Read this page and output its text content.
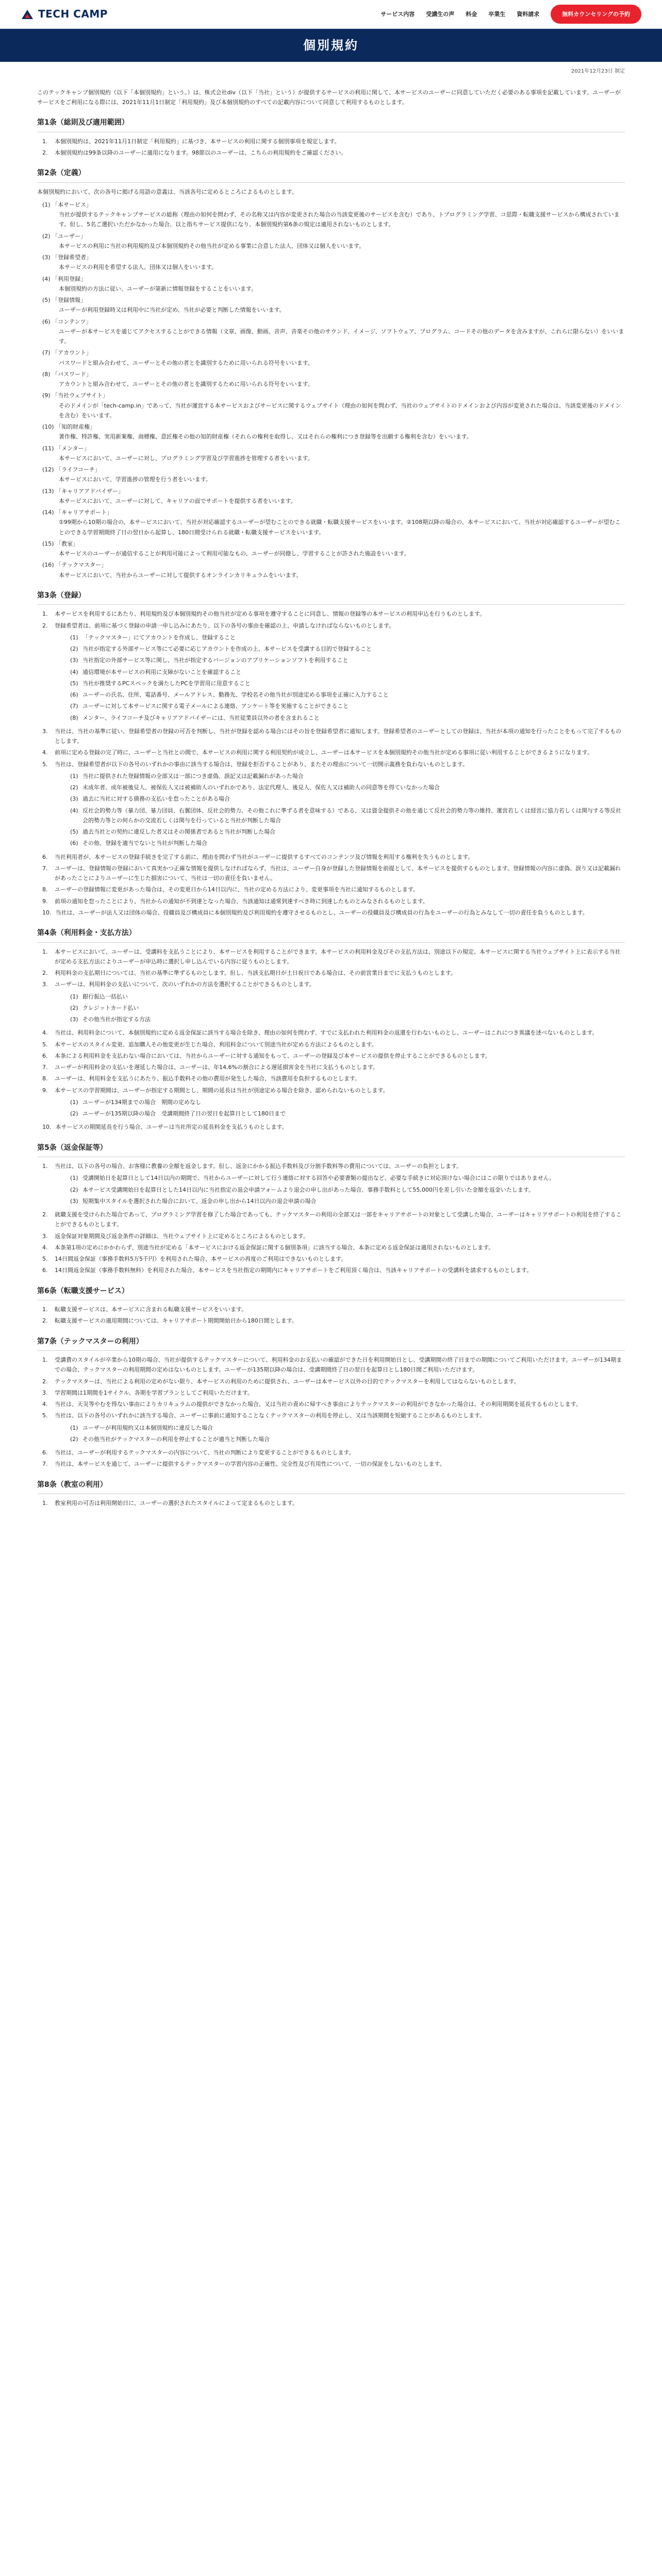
TECH CAMP	サービス内容 受講生の声 料金 卒業生 資料請求	無料カウンセリングの予約
個別規約
2021年12月23日 制定

このテックキャンプ個別規約（以下「本個別規約」という。）は、株式会社div（以下「当社」という）が提供するサービスの利用に関して、本サービスのユーザーに同意していただく必要のある事項を記載しています。ユーザーがサービスをご利用になる際には、2021年11月1日制定「利用規約」及び本個別規約のすべての記載内容について同意して利用するものとします。

第1条（総則及び適用範囲）
1.	本個別規約は、2021年11月1日制定「利用規約」に基づき、本サービスの利用に関する個別事項を規定します。
2.	本個別規約は99条以降のユーザーに適用になります。98節以のユーザーは、こちらの利用規約をご確認ください。
第2条（定義）

本個別規約において、次の各号に掲げる用語の意義は、当該各号に定めるところによるものとします。

(1) 「本サービス」
当社が提供するテックキャンプサービスの総称（理由の如何を問わず、その名称又は内容が変更された場合の当該変更後のサービスを含む）であり、トプログラミング学習、コ思際・転職支援サービスから構成されています。但し、5名ご選択いただかなかった場合、以と指ちサービス提供になり、本個別規約第6条の規定は適用されないものとします。
(2) 「ユーザー」
本サービスの利用に当社の利用規約及び本個別規約その他当社が定める事業に合意した法人、団体又は個人をいいます。
(3) 「登録希望者」
本サービスの利用を希望する法人、団体又は個人をいいます。
(4) 「利用登録」
本個別規約の方法に従い、ユーザーが第新に情報登録をすることをいいます。
(5) 「登録情報」
ユーザーが利用登録時又は利用中に当社が定め、当社が必要と判断した情報をいいます。
(6) 「コンテンツ」
ユーザーが本サービスを通じてアクセスすることができる情報（文章、画像、動画、音声、音楽その他のサウンド、イメージ、ソフトウェア、プログラム、コードその他のデータを含みますが、これらに限らない）をいいます。
(7) 「アカウント」
パスワードと組み合わせて、ユーザーとその他の者とを識別するために用いられる符号をいいます。
(8) 「パスワード」
アカウントと組み合わせて、ユーザーとその他の者とを識別するために用いられる符号をいいます。
(9) 「当社ウェブサイト」
そのドメインが「tech-camp.in」であって、当社が運営する本サービスおよびサービスに関するウェブサイト（理由の如何を問わず、当社のウェブサイトのドメインおよび内容が変更された場合は、当該変更後のドメインを含む）をいいます。
(10) 「知的財産権」
著作権、特許権、実用新案権、商標権、意匠権その他の知的財産権（それらの権利を取得し、又はそれらの権利につき登録等を出願する権利を含む）をいいます。
(11) 「メンター」
本サービスにおいて、ユーザーに対し、プログラミング学習及び学習進捗を管理する者をいいます。
(12) 「ライフコーチ」
本サービスにおいて、学習進捗の管理を行う者をいいます。
(13) 「キャリアアドバイザー」
本サービスにおいて、ユーザーに対して、キャリアの面でサポートを提供する者をいいます。
(14) 「キャリアサポート」
①99期から10期の場合の、本サービスにおいて、当社が対応確認するユーザーが望むことのできる就職・転職支援サービスをいいます。②108期以降の場合の、本サービスにおいて、当社が対応確認するユーザーが望むことのできる学習期間終了日の翌日から起算し、180日間受けられる就職・転職支援サービスをいいます。
(15) 「教室」
本サービスのユーザーが通信することが利用可能によって利用可能なもの、ユーザーが同僚し、学習することが許された施設をいいます。
(16) 「テックマスター」
本サービスにおいて、当社からユーザーに対して提供するオンラインカリキュラムをいいます。
第3条（登録）
1.	本サービスを利用するにあたり、利用規約及び本個別規約その他当社が定める事項を遵守することに同意し、情報の登録等の本サービスの利用申込を行うものとします。
2.	登録希望者は、前項に基づく登録の申請一申し込みにあたり、以下の各号の事由を確認の上、申請しなければならないものとします。
(1) 「テックマスター」にてアカウントを作成し、登録すること
(2) 当社が指定する外部サービス等にて必要に応じアカウントを作成の上、本サービスを受講する目的で登録すること
(3) 当社指定の外部サービス等に関し、当社が指定するバージョンのアプリケーションソフトを利用すること
(4) 通信環境が本サービスの利用に支障がないことを確認すること
(5) 当社が推奨するPCスペックを満たしたPCを学習用に用意すること
(6) ユーザーの氏名、住所、電話番号、メールアドレス、勤務先、学校名その他当社が別途定める事項を正確に入力すること
(7) ユーザーに対して本サービスに関する電子メールによる連絡、アンケート等を実施することができること
(8) メンター、ライフコーチ及びキャリアアドバイザーには、当社従業員以外の者を含まれること
3.	当社は、当社の基準に従い、登録希望者の登録の可否を判断し、当社が登録を認める場合にはその旨を登録希望者に通知します。登録希望者のユーザーとしての登録は、当社が本項の通知を行ったことをもって完了するものとします。
4.	前項に定める登録の完了時に、ユーザーと当社との間で、本サービスの利用に関する利用契約が成立し、ユーザーは本サービスを本個別規約その他当社が定める事項に従い利用することができるようになります。
5.	当社は、登録希望者が以下の各号のいずれかの事由に該当する場合は、登録を拒否することがあり、またその理由について一切開示義務を負わないものとします。
(1) 当社に提供された登録情報の全部又は一部につき虚偽、誤記又は記載漏れがあった場合
(2) 未成年者、成年被後見人、被保佐人又は被補助人のいずれかであり、法定代理人、後見人、保佐人又は補助人の同意等を得ていなかった場合
(3) 過去に当社に対する債務の支払いを怠ったことがある場合
(4) 反社会的勢力等（暴力団、暴力団員、右翼団体、反社会的勢力、その他これに準ずる者を意味する）である、又は資金提供その他を通じて反社会的勢力等の維持、運営若しくは経営に協力若しくは関与する等反社会的勢力等との何らかの交流若しくは関与を行っていると当社が判断した場合
(5) 過去当社との契約に違反した者又はその関係者であると当社が判断した場合
(6) その他、登録を適当でないと当社が判断した場合
6.	当社利用者が、本サービスの登録手続きを完了する前に、理由を問わず当社がユーザーに提供するすべてのコンテンツ及び情報を利用する権利を失うものとします。
7.	ユーザーは、登録情報の登録において真実かつ正確な情報を提供しなければならず、当社は、ユーザー自身が登録した登録情報を前提として、本サービスを提供するものとします。登録情報の内容に虚偽、誤り又は記載漏れがあったことによりユーザーに生じた損害について、当社は一切の責任を負いません。
8.	ユーザーの登録情報に変更があった場合は、その変更日から14日以内に、当社の定める方法により、変更事項を当社に通知するものとします。
9.	前項の通知を怠ったことにより、当社からの通知が不到達となった場合、当該通知は通常到達すべき時に到達したものとみなされるものとします。
10. 当社は、ユーザーが法人又は団体の場合、役職員及び構成員に本個別規約及び利用規約を遵守させるものとし、ユーザーの役職員及び構成員の行為をユーザーの行為とみなして一切の責任を負うものとします。
第4条（利用料金・支払方法）
1.	本サービスにおいて、ユーザーは、受講料を支払うことにより、本サービスを利用することができます。本サービスの利用料金及びその支払方法は、別途以下の規定、本サービスに関する当社ウェブサイト上に表示する当社が定める支払方法によりユーザーが申込時に選択し申し込んでいる内容に従うものとします。
2.	利用料金の支払期日については、当社の基準に準ずるものとします。但し、当該支払期日が土日祝日である場合は、その前営業日までに支払うものとします。
3.	ユーザーは、利用料金の支払いについて、次のいずれかの方法を選択することができるものとします。
(1) 銀行振込一括払い
(2) クレジットカード払い
(3) その他当社が指定する方法
4.	当社は、利用料金について、本個別規約に定める返金保証に該当する場合を除き、理由の如何を問わず、すでに支払われた利用料金の返還を行わないものとし、ユーザーはこれにつき異議を述べないものとします。
5.	本サービスのスタイル変更、追加購入その他変更が生じた場合、利用料金について別途当社が定める方法によるものとします。
6.	本条による利用料金を支払わない場合においては、当社からユーザーに対する通知をもって、ユーザーの登録及び本サービスの提供を停止することができるものとします。
7.	ユーザーが利用料金の支払いを遅延した場合は、ユーザーは、年14.6%の割合による遅延損害金を当社に支払うものとします。
8.	ユーザーは、利用料金を支払うにあたり、振込手数料その他の費用が発生した場合、当該費用を負担するものとします。
9.	本サービスの学習期間は、ユーザーが指定する期間とし、期間の延長は当社が別途定める場合を除き、認められないものとします。
(1) ユーザーが134期までの場合　期間の定めなし
(2) ユーザーが135期以降の場合　受講期間終了日の翌日を起算日として180日まで
10. 本サービスの期間延長を行う場合、ユーザーは当社所定の延長料金を支払うものとします。
第5条（返金保証等）
1.	当社は、以下の各号の場合、お客様に教養の全額を返金します。但し、返金にかかる振込手数料及び分割手数料等の費用については、ユーザーの負担とします。
(1) 受講開始日を起算日として14日以内の期間で、当社からユーザーに対して行う連絡に対する回答や必要書類の提出など、必要な手続きに対応頂けない場合にはこの限りではありません。
(2) 本サービス受講開始日を起算日とした14日以内に当社指定の退会申請フォームより退会の申し出があった場合、事務手数料として55,000円を差し引いた金額を返金いたします。
(3) 短期集中スタイルを選択された場合において、返金の申し出から14日以内の退会申請の場合
2.	就職支援を受けられた場合であって、プログラミング学習を修了した場合であっても、テックマスターの利用の全部又は一部をキャリアサポートの対象として受講した場合、ユーザーはキャリアサポートの利用を終了することができるものとします。
3.	返金保証対象期間及び返金条件の詳細は、当社ウェブサイト上に定めるところによるものとします。
4.	本条第1項の定めにかかわらず、別途当社が定める「本サービスにおける返金保証に関する個別条項」に該当する場合、本条に定める返金保証は適用されないものとします。
5.	14日間返金保証（事務手数料5万5千円）を利用された場合、本サービスの再度のご利用はできないものとします。
6.	14日間返金保証（事務手数料無料）を利用された場合、本サービスを当社指定の期間内にキャリアサポートをご利用頂く場合は、当該キャリアサポートの受講料を請求するものとします。
第6条（転職支援サービス）
1.	転職支援サービスは、本サービスに含まれる転職支援サービスをいいます。
2.	転職支援サービスの適用期間については、キャリアサポート期間開始日から180日間とします。
第7条（テックマスターの利用）
1.	受講費のスタイルが卒業から10期の場合、当社が提供するテックマスターについて、利用料金のお支払いの確認ができた日を利用開始日とし、受講期間の終了日までの期間についてご利用いただけます。ユーザーが134期までの場合、テックマスターの利用期間の定めはないものとします。ユーザーが135期以降の場合は、受講期間終了日の翌日を起算日とし180日間ご利用いただけます。
2.	テックマスターは、当社による利用の定めがない限り、本サービスの利用のために提供され、ユーザーは本サービス以外の目的でテックマスターを利用してはならないものとします。
3.	学習期間は1期間を1サイクル、各期を学習プランとしてご利用いただけます。
4.	当社は、天災等やむを得ない事由によりカリキュラムの提供ができなかった場合、又は当社の責めに帰すべき事由によりテックマスターの利用ができなかった場合は、その利用期間を延長するものとします。
5.	当社は、以下の各号のいずれかに該当する場合、ユーザーに事前に通知することなくテックマスターの利用を停止し、又は当該期間を短縮することがあるものとします。
(1) ユーザーが利用規約又は本個別規約に違反した場合
(2) その他当社がテックマスターの利用を停止することが適当と判断した場合
6.	当社は、ユーザーが利用するテックマスターの内容について、当社の判断により変更することができるものとします。
7.	当社は、本サービスを通じて、ユーザーに提供するテックマスターの学習内容の正確性、完全性及び有用性について、一切の保証をしないものとします。
第8条（教室の利用）
1.	教室利用の可否は利用開始日に、ユーザーの選択されたスタイルによって定まるものとします。
